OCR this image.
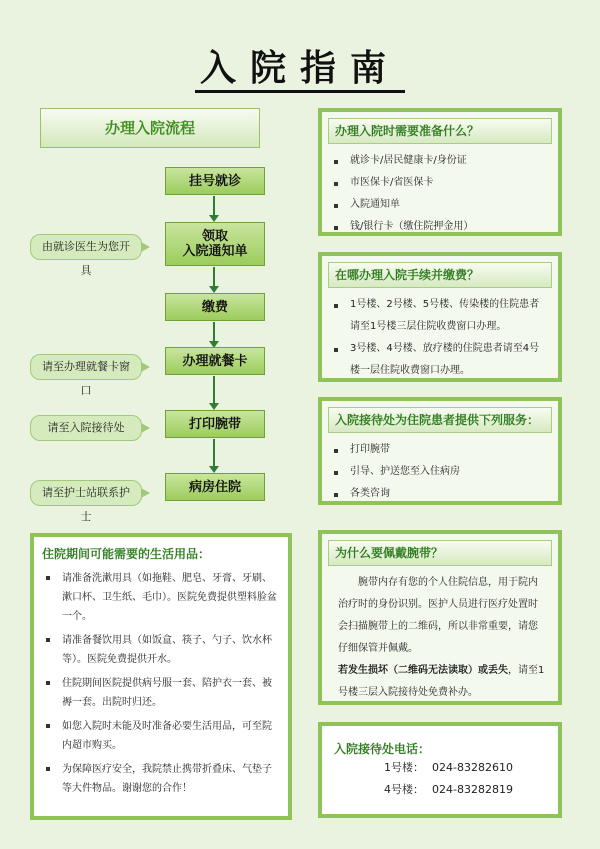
入院指南
办理入院流程
挂号就诊
领取
入院通知单
缴费
办理就餐卡
打印腕带
病房住院
由就诊医生为您开具
请至办理就餐卡窗口
请至入院接待处
请至护士站联系护士
办理入院时需要准备什么？
就诊卡/居民健康卡/身份证
市医保卡/省医保卡
入院通知单
钱/银行卡（缴住院押金用）
在哪办理入院手续并缴费？
1号楼、2号楼、5号楼、传染楼的住院患者请至1号楼三层住院收费窗口办理。
3号楼、4号楼、放疗楼的住院患者请至4号楼一层住院收费窗口办理。
入院接待处为住院患者提供下列服务：
打印腕带
引导、护送您至入住病房
各类咨询
住院期间可能需要的生活用品：
请准备洗漱用具（如拖鞋、肥皂、牙膏、牙刷、漱口杯、卫生纸、毛巾）。医院免费提供塑料脸盆一个。
请准备餐饮用具（如饭盒、筷子、勺子、饮水杯等）。医院免费提供开水。
住院期间医院提供病号服一套、陪护衣一套、被褥一套。出院时归还。
如您入院时未能及时准备必要生活用品，可至院内超市购买。
为保障医疗安全，我院禁止携带折叠床、气垫子等大件物品。谢谢您的合作！
为什么要佩戴腕带？

腕带内存有您的个人住院信息，用于院内治疗时的身份识别。医护人员进行医疗处置时会扫描腕带上的二维码，所以非常重要，请您仔细保管并佩戴。
若发生损坏（二维码无法读取）或丢失，请至1号楼三层入院接待处免费补办。

入院接待处电话：
1号楼： 024-83282610
4号楼： 024-83282819
